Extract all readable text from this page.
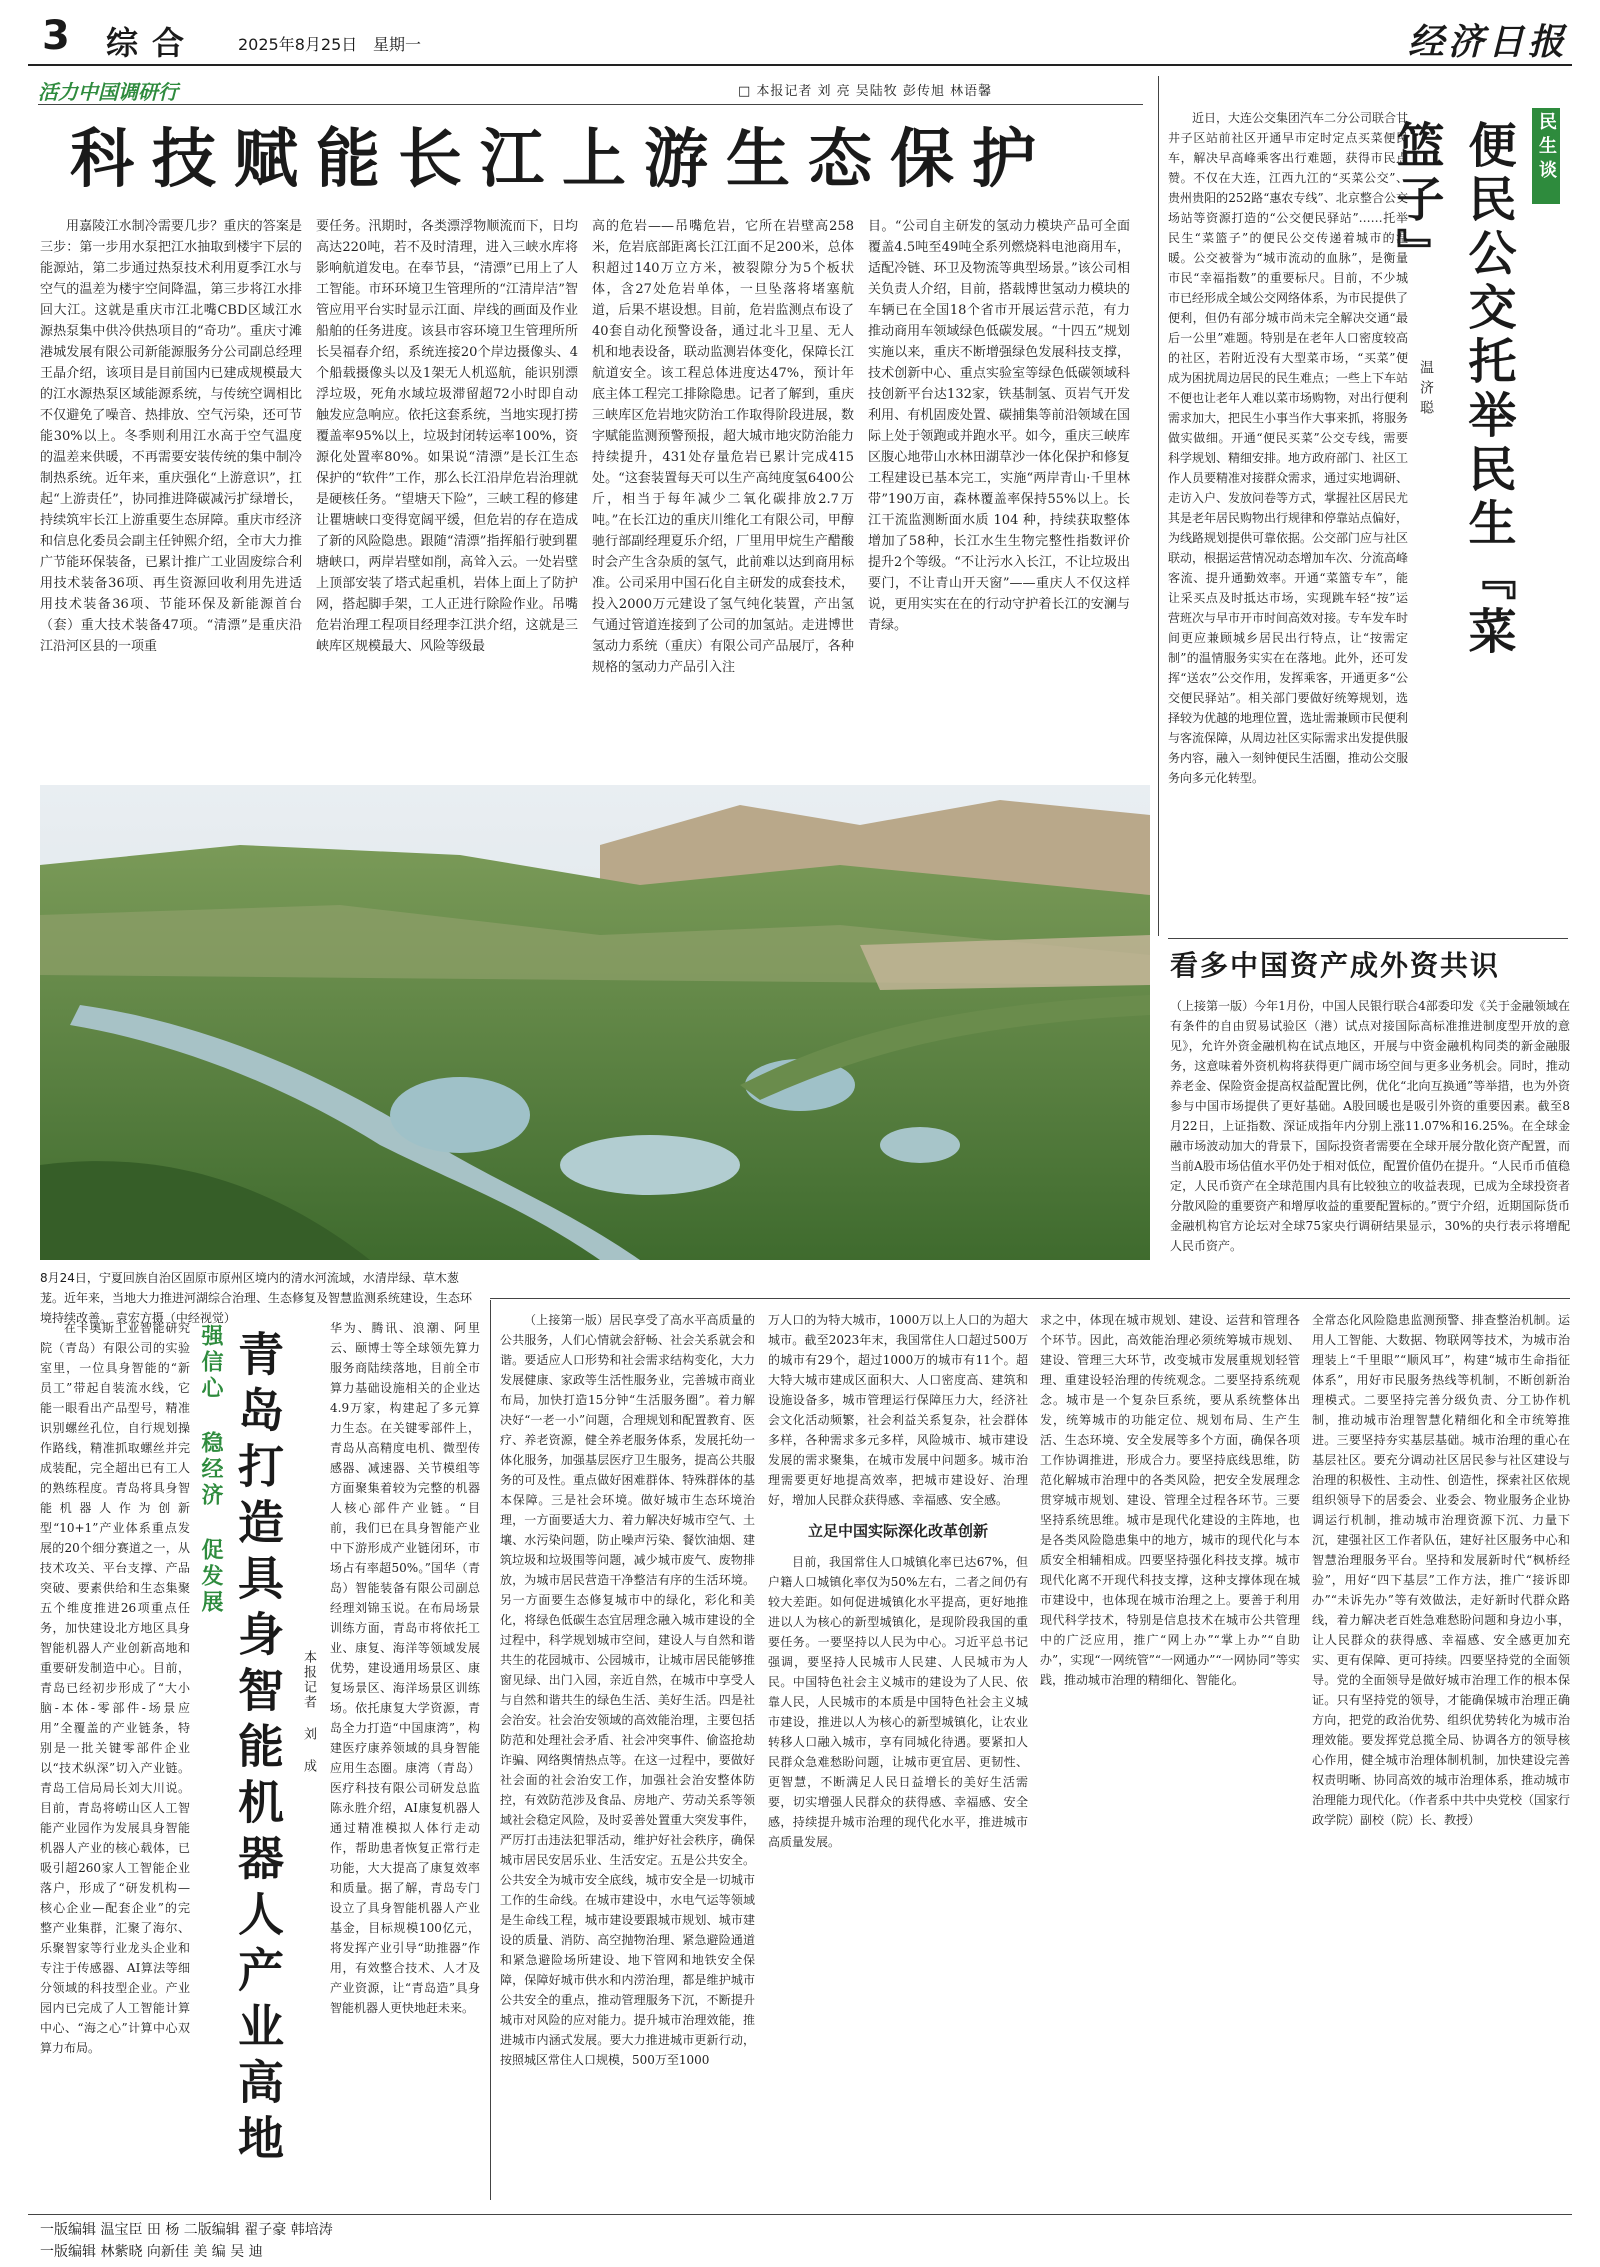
3 综合 2025年8月25日 星期一	经济日报
活力中国调研行	□ 本报记者 刘 亮 吴陆牧 彭传旭 林语馨
科技赋能长江上游生态保护

用嘉陵江水制冷需要几步？重庆的答案是三步：第一步用水泵把江水抽取到楼宇下层的能源站，第二步通过热泵技术利用夏季江水与空气的温差为楼宇空间降温，第三步将江水排回大江。这就是重庆市江北嘴CBD区域江水源热泵集中供冷供热项目的“奇功”。重庆寸滩港城发展有限公司新能源服务分公司副总经理王晶介绍，该项目是目前国内已建成规模最大的江水源热泵区域能源系统，与传统空调相比不仅避免了噪音、热排放、空气污染，还可节能30%以上。冬季则利用江水高于空气温度的温差来供暖，不再需要安装传统的集中制冷制热系统。近年来，重庆强化“上游意识”，扛起“上游责任”，协同推进降碳减污扩绿增长，持续筑牢长江上游重要生态屏障。重庆市经济和信息化委员会副主任钟熙介绍，全市大力推广节能环保装备，已累计推广工业固废综合利用技术装备36项、再生资源回收利用先进适用技术装备36项、节能环保及新能源首台（套）重大技术装备47项。“清漂”是重庆沿江沿河区县的一项重

要任务。汛期时，各类漂浮物顺流而下，日均高达220吨，若不及时清理，进入三峡水库将影响航道发电。在奉节县，“清漂”已用上了人工智能。市环环境卫生管理所的“江清岸洁”智管应用平台实时显示江面、岸线的画面及作业船舶的任务进度。该县市容环境卫生管理所所长吴福春介绍，系统连接20个岸边摄像头、4个船载摄像头以及1架无人机巡航，能识别漂浮垃圾，死角水域垃圾滞留超72小时即自动触发应急响应。依托这套系统，当地实现打捞覆盖率95%以上，垃圾封闭转运率100%，资源化处置率80%。如果说“清漂”是长江生态保护的“软件”工作，那么长江沿岸危岩治理就是硬核任务。“望塘天下险”，三峡工程的修建让瞿塘峡口变得宽阔平缓，但危岩的存在造成了新的风险隐患。跟随“清漂”指挥船行驶到瞿塘峡口，两岸岩壁如削，高耸入云。一处岩壁上顶部安装了塔式起重机，岩体上面上了防护网，搭起脚手架，工人正进行除险作业。吊嘴危岩治理工程项目经理李江洪介绍，这就是三峡库区规模最大、风险等级最

高的危岩——吊嘴危岩，它所在岩壁高258米，危岩底部距离长江江面不足200米，总体积超过140万立方米，被裂隙分为5个板状体，含27处危岩单体，一旦坠落将堵塞航道，后果不堪设想。目前，危岩监测点布设了40套自动化预警设备，通过北斗卫星、无人机和地表设备，联动监测岩体变化，保障长江航道安全。该工程总体进度达47%，预计年底主体工程完工排除隐患。记者了解到，重庆三峡库区危岩地灾防治工作取得阶段进展，数字赋能监测预警预报，超大城市地灾防治能力持续提升，431处存量危岩已累计完成415处。“这套装置每天可以生产高纯度氢6400公斤，相当于每年减少二氧化碳排放2.7万吨。”在长江边的重庆川维化工有限公司，甲醇驰行部副经理夏乐介绍，厂里用甲烷生产醋酸时会产生含杂质的氢气，此前难以达到商用标准。公司采用中国石化自主研发的成套技术，投入2000万元建设了氢气纯化装置，产出氢气通过管道连接到了公司的加氢站。走进博世氢动力系统（重庆）有限公司产品展厅，各种规格的氢动力产品引入注

目。“公司自主研发的氢动力模块产品可全面覆盖4.5吨至49吨全系列燃烧料电池商用车，适配冷链、环卫及物流等典型场景。”该公司相关负责人介绍，目前，搭载博世氢动力模块的车辆已在全国18个省市开展运营示范，有力推动商用车领域绿色低碳发展。“十四五”规划实施以来，重庆不断增强绿色发展科技支撑，技术创新中心、重点实验室等绿色低碳领域科技创新平台达132家，铁基制氢、页岩气开发利用、有机固废处置、碳捕集等前沿领域在国际上处于领跑或并跑水平。如今，重庆三峡库区腹心地带山水林田湖草沙一体化保护和修复工程建设已基本完工，实施“两岸青山·千里林带”190万亩，森林覆盖率保持55%以上。长江干流监测断面水质 104 种，持续获取整体增加了58种，长江水生生物完整性指数评价提升2个等级。“不让污水入长江，不让垃圾出要门，不让青山开天窗”——重庆人不仅这样说，更用实实在在的行动守护着长江的安澜与青绿。

8月24日，宁夏回族自治区固原市原州区境内的清水河流域，水清岸绿、草木葱茏。近年来，当地大力推进河湖综合治理、生态修复及智慧监测系统建设，生态环境持续改善。 袁宏方摄（中经视觉）

近日，大连公交集团汽车二分公司联合甘井子区站前社区开通早市定时定点买菜便民车，解决早高峰乘客出行难题，获得市民点赞。不仅在大连，江西九江的“买菜公交”、贵州贵阳的252路“惠农专线”、北京整合公交场站等资源打造的“公交便民驿站”……托举民生“菜篮子”的便民公交传递着城市的温暖。公交被誉为“城市流动的血脉”，是衡量市民“幸福指数”的重要标尺。目前，不少城市已经形成全域公交网络体系，为市民提供了便利，但仍有部分城市尚未完全解决交通“最后一公里”难题。特别是在老年人口密度较高的社区，若附近没有大型菜市场，“买菜”便成为困扰周边居民的民生难点；一些上下车站不便也让老年人难以菜市场购物，对出行便利需求加大，把民生小事当作大事来抓，将服务做实做细。开通“便民买菜”公交专线，需要科学规划、精细安排。地方政府部门、社区工作人员要精准对接群众需求，通过实地调研、走访入户、发放问卷等方式，掌握社区居民尤其是老年居民购物出行规律和停靠站点偏好，为线路规划提供可靠依据。公交部门应与社区联动，根据运营情况动态增加车次、分流高峰客流、提升通勤效率。开通“菜篮专车”，能让采买点及时抵达市场，实现跳车轻“按”运营班次与早市开市时间高效对接。专车发车时间更应兼顾城乡居民出行特点，让“按需定制”的温情服务实实在在落地。此外，还可发挥“送农”公交作用，发挥乘客，开通更多“公交便民驿站”。相关部门要做好统筹规划，选择较为优越的地理位置，选址需兼顾市民便利与客流保障，从周边社区实际需求出发提供服务内容，融入一刻钟便民生活圈，推动公交服务向多元化转型。

民生谈
便民公交托举民生『菜篮子』
温济聪
看多中国资产成外资共识

（上接第一版）今年1月份，中国人民银行联合4部委印发《关于金融领域在有条件的自由贸易试验区（港）试点对接国际高标准推进制度型开放的意见》，允许外资金融机构在试点地区，开展与中资金融机构同类的新金融服务，这意味着外资机构将获得更广阔市场空间与更多业务机会。同时，推动养老金、保险资金提高权益配置比例，优化“北向互换通”等举措，也为外资参与中国市场提供了更好基础。A股回暖也是吸引外资的重要因素。截至8月22日，上证指数、深证成指年内分别上涨11.07%和16.25%。在全球金融市场波动加大的背景下，国际投资者需要在全球开展分散化资产配置，而当前A股市场估值水平仍处于相对低位，配置价值仍在提升。“人民币币值稳定，人民币资产在全球范围内具有比较独立的收益表现，已成为全球投资者分散风险的重要资产和增厚收益的重要配置标的。”贾宁介绍，近期国际货币金融机构官方论坛对全球75家央行调研结果显示，30%的央行表示将增配人民币资产。

在卡奥斯工业智能研究院（青岛）有限公司的实验室里，一位具身智能的“新员工”带起自装流水线，它能一眼看出产品型号，精准识别螺丝孔位，自行规划操作路线，精准抓取螺丝并完成装配，完全超出已有工人的熟练程度。青岛将具身智能机器人作为创新型“10+1”产业体系重点发展的20个细分赛道之一，从技术攻关、平台支撑、产品突破、要素供给和生态集聚五个维度推进26项重点任务，加快建设北方地区具身智能机器人产业创新高地和重要研发制造中心。目前，青岛已经初步形成了“大小脑-本体-零部件-场景应用”全覆盖的产业链条，特别是一批关键零部件企业以“技术纵深”切入产业链。青岛工信局局长刘大川说。目前，青岛将崂山区人工智能产业园作为发展具身智能机器人产业的核心载体，已吸引超260家人工智能企业落户，形成了“研发机构—核心企业—配套企业”的完整产业集群，汇聚了海尔、乐聚智家等行业龙头企业和专注于传感器、AI算法等细分领域的科技型企业。产业园内已完成了人工智能计算中心、“海之心”计算中心双算力布局。

强信心 稳经济 促发展 青岛打造具身智能机器人产业高地

华为、腾讯、浪潮、阿里云、颐博士等全球领先算力服务商陆续落地，目前全市算力基础设施相关的企业达4.9万家，构建起了多元算力生态。在关键零部件上，青岛从高精度电机、微型传感器、减速器、关节模组等方面聚集着较为完整的机器人核心部件产业链。“目前，我们已在具身智能产业中下游形成产业链闭环，市场占有率超50%。”国华（青岛）智能装备有限公司副总经理刘锦玉说。在布局场景训练方面，青岛市将依托工业、康复、海洋等领域发展优势，建设通用场景区、康复场景区、海洋场景区训练场。依托康复大学资源，青岛全力打造“中国康湾”，构建医疗康养领域的具身智能应用生态圈。康湾（青岛）医疗科技有限公司研发总监陈永胜介绍，AI康复机器人通过精准模拟人体行走动作，帮助患者恢复正常行走功能，大大提高了康复效率和质量。据了解，青岛专门设立了具身智能机器人产业基金，目标规模100亿元，将发挥产业引导“助推器”作用，有效整合技术、人才及产业资源，让“青岛造”具身智能机器人更快地赶未来。

本报记者 刘 成

（上接第一版）居民享受了高水平高质量的公共服务，人们心情就会舒畅、社会关系就会和谐。要适应人口形势和社会需求结构变化，大力发展健康、家政等生活性服务业，完善城市商业布局，加快打造15分钟“生活服务圈”。着力解决好“一老一小”问题，合理规划和配置教育、医疗、养老资源，健全养老服务体系，发展托幼一体化服务，加强基层医疗卫生服务，提高公共服务的可及性。重点做好困难群体、特殊群体的基本保障。三是社会环境。做好城市生态环境治理，一方面要适大力、着力解决好城市空气、土壤、水污染问题，防止噪声污染、餐饮油烟、建筑垃圾和垃圾围等问题，减少城市废气、废物排放，为城市居民营造干净整洁有序的生活环境。另一方面要生态修复城市中的绿化，彩化和美化，将绿色低碳生态宜居理念融入城市建设的全过程中，科学规划城市空间，建设人与自然和谐共生的花园城市、公园城市，让城市居民能够推窗见绿、出门入园，亲近自然，在城市中享受人与自然和谐共生的绿色生活、美好生活。四是社会治安。社会治安领域的高效能治理，主要包括防范和处理社会矛盾、社会冲突事件、偷盗抢劫诈骗、网络舆情热点等。在这一过程中，要做好社会面的社会治安工作，加强社会治安整体防控，有效防范涉及食品、房地产、劳动关系等领域社会稳定风险，及时妥善处置重大突发事件，严厉打击违法犯罪活动，维护好社会秩序，确保城市居民安居乐业、生活安定。五是公共安全。公共安全为城市安全底线，城市安全是一切城市工作的生命线。在城市建设中，水电气运等领域是生命线工程，城市建设要跟城市规划、城市建设的质量、消防、高空抛物治理、紧急避险通道和紧急避险场所建设、地下管网和地铁安全保障，保障好城市供水和内涝治理，都是维护城市公共安全的重点，推动管理服务下沉，不断提升城市对风险的应对能力。提升城市治理效能，推进城市内涵式发展。要大力推进城市更新行动，按照城区常住人口规模，500万至1000

万人口的为特大城市，1000万以上人口的为超大城市。截至2023年末，我国常住人口超过500万的城市有29个，超过1000万的城市有11个。超大特大城市建成区面积大、人口密度高、建筑和设施设备多，城市管理运行保障压力大，经济社会文化活动频繁，社会利益关系复杂，社会群体多样，各种需求多元多样，风险城市、城市建设发展的需求聚集，在城市发展中问题多。城市治理需要更好地提高效率，把城市建设好、治理好，增加人民群众获得感、幸福感、安全感。

立足中国实际深化改革创新

目前，我国常住人口城镇化率已达67%，但户籍人口城镇化率仅为50%左右，二者之间仍有较大差距。如何促进城镇化水平提高，更好地推进以人为核心的新型城镇化，是现阶段我国的重要任务。一要坚持以人民为中心。习近平总书记强调，要坚持人民城市人民建、人民城市为人民。中国特色社会主义城市的建设为了人民、依靠人民，人民城市的本质是中国特色社会主义城市建设，推进以人为核心的新型城镇化，让农业转移人口融入城市，享有同城化待遇。要紧扣人民群众急难愁盼问题，让城市更宜居、更韧性、更智慧，不断满足人民日益增长的美好生活需要，切实增强人民群众的获得感、幸福感、安全感，持续提升城市治理的现代化水平，推进城市高质量发展。

求之中，体现在城市规划、建设、运营和管理各个环节。因此，高效能治理必须统筹城市规划、建设、管理三大环节，改变城市发展重规划轻管理、重建设轻治理的传统观念。二要坚持系统观念。城市是一个复杂巨系统，要从系统整体出发，统筹城市的功能定位、规划布局、生产生活、生态环境、安全发展等多个方面，确保各项工作协调推进，形成合力。要坚持底线思维，防范化解城市治理中的各类风险，把安全发展理念贯穿城市规划、建设、管理全过程各环节。三要坚持系统思维。城市是现代化建设的主阵地，也是各类风险隐患集中的地方，城市的现代化与本质安全相辅相成。四要坚持强化科技支撑。城市现代化离不开现代科技支撑，这种支撑体现在城市建设中，也体现在城市治理之上。要善于利用现代科学技术，特别是信息技术在城市公共管理中的广泛应用，推广“网上办”“掌上办”“自助办”，实现“一网统管”“一网通办”“一网协同”等实践，推动城市治理的精细化、智能化。

全常态化风险隐患监测预警、排查整治机制。运用人工智能、大数据、物联网等技术，为城市治理装上“千里眼”“顺风耳”，构建“城市生命指征体系”，用好市民服务热线等机制，不断创新治理模式。二要坚持完善分级负责、分工协作机制，推动城市治理智慧化精细化和全市统筹推进。三要坚持夯实基层基础。城市治理的重心在基层社区。要充分调动社区居民参与社区建设与治理的积极性、主动性、创造性，探索社区依规组织领导下的居委会、业委会、物业服务企业协调运行机制，推动城市治理资源下沉、力量下沉，建强社区工作者队伍，建好社区服务中心和智慧治理服务平台。坚持和发展新时代“枫桥经验”，用好“四下基层”工作方法，推广“接诉即办”“未诉先办”等有效做法，走好新时代群众路线，着力解决老百姓急难愁盼问题和身边小事，让人民群众的获得感、幸福感、安全感更加充实、更有保障、更可持续。四要坚持党的全面领导。党的全面领导是做好城市治理工作的根本保证。只有坚持党的领导，才能确保城市治理正确方向，把党的政治优势、组织优势转化为城市治理效能。要发挥党总揽全局、协调各方的领导核心作用，健全城市治理体制机制，加快建设完善权责明晰、协同高效的城市治理体系，推动城市治理能力现代化。（作者系中共中央党校（国家行政学院）副校（院）长、教授）

一版编辑 温宝臣 田 杨 二版编辑 翟子豪 韩培涛
一版编辑 林紫晓 向新佳 美 编 吴 迪
